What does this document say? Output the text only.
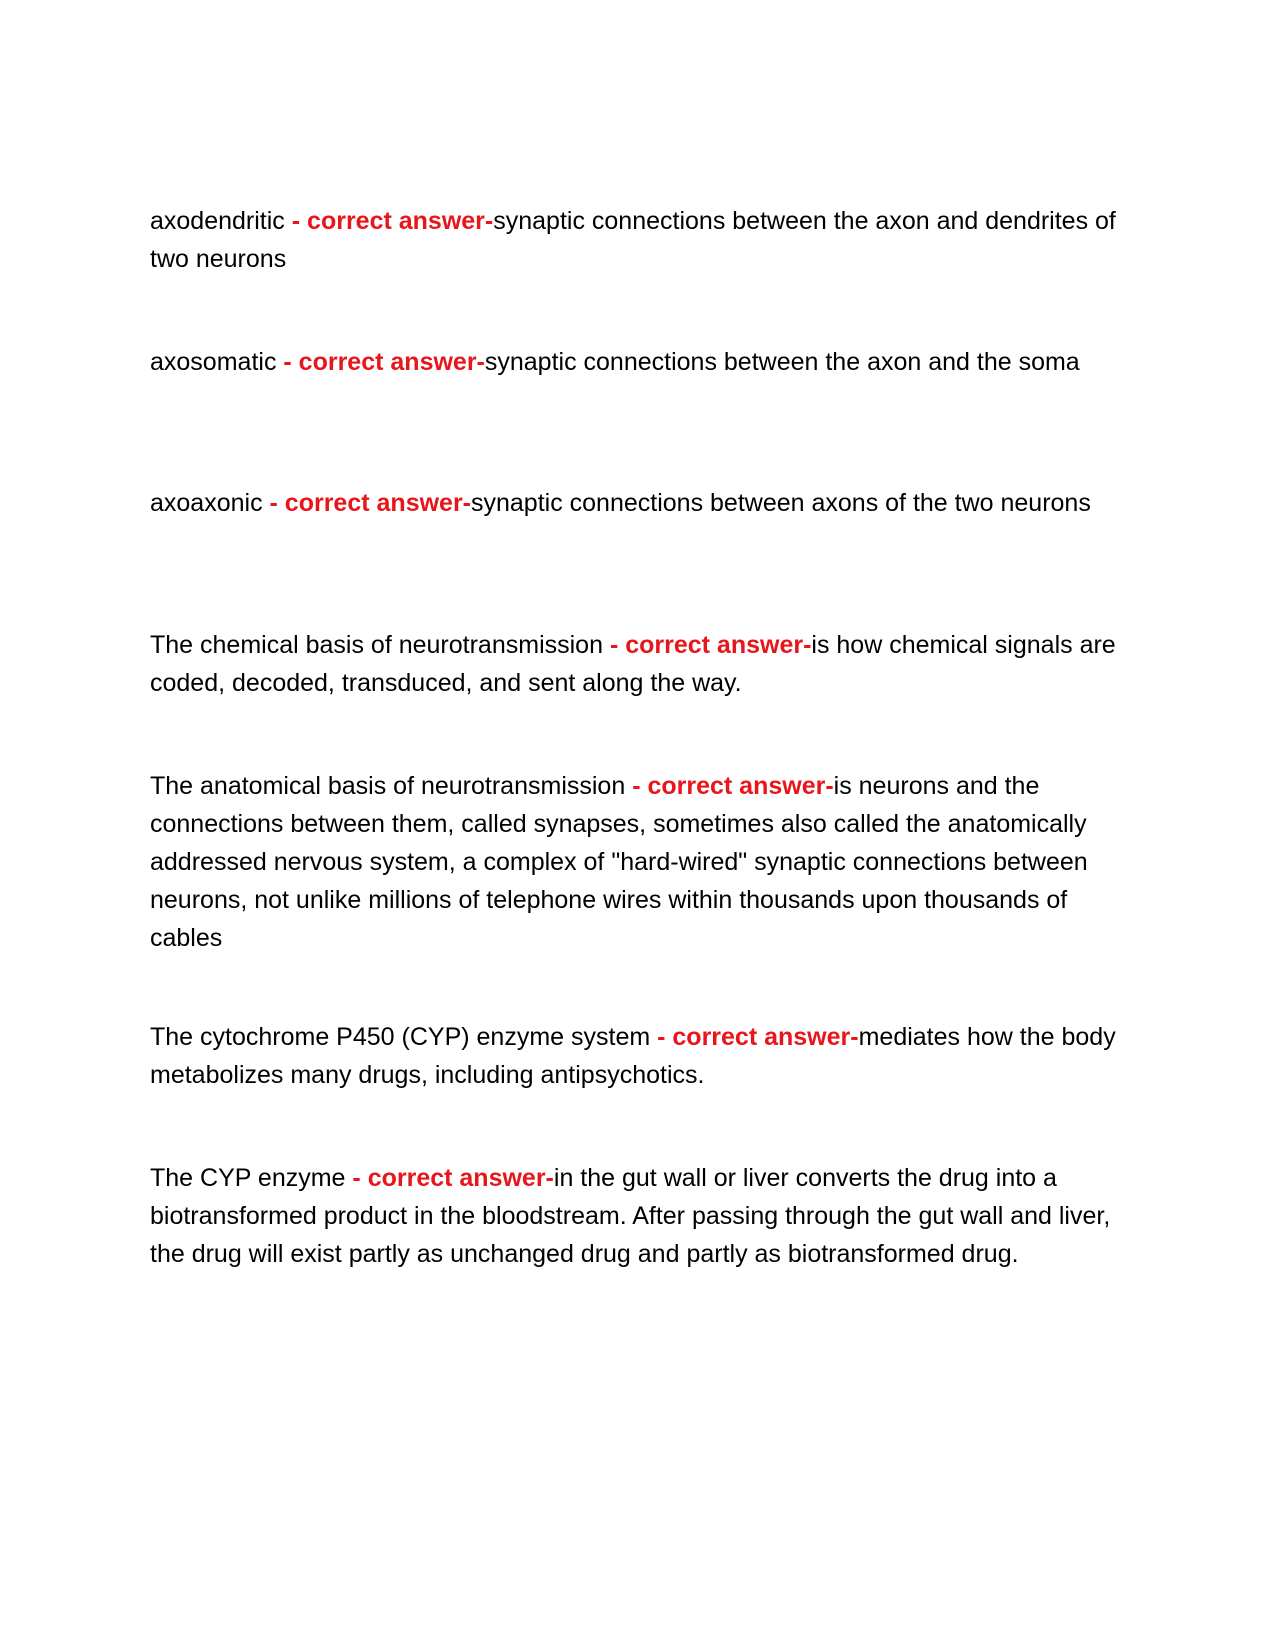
axodendritic - correct answer-synaptic connections between the axon and dendrites of two neurons

axosomatic - correct answer-synaptic connections between the axon and the soma

axoaxonic - correct answer-synaptic connections between axons of the two neurons

The chemical basis of neurotransmission - correct answer-is how chemical signals are coded, decoded, transduced, and sent along the way.

The anatomical basis of neurotransmission - correct answer-is neurons and the connections between them, called synapses, sometimes also called the anatomically addressed nervous system, a complex of "hard-wired" synaptic connections between neurons, not unlike millions of telephone wires within thousands upon thousands of cables

The cytochrome P450 (CYP) enzyme system - correct answer-mediates how the body metabolizes many drugs, including antipsychotics.

The CYP enzyme - correct answer-in the gut wall or liver converts the drug into a biotransformed product in the bloodstream. After passing through the gut wall and liver, the drug will exist partly as unchanged drug and partly as biotransformed drug.
